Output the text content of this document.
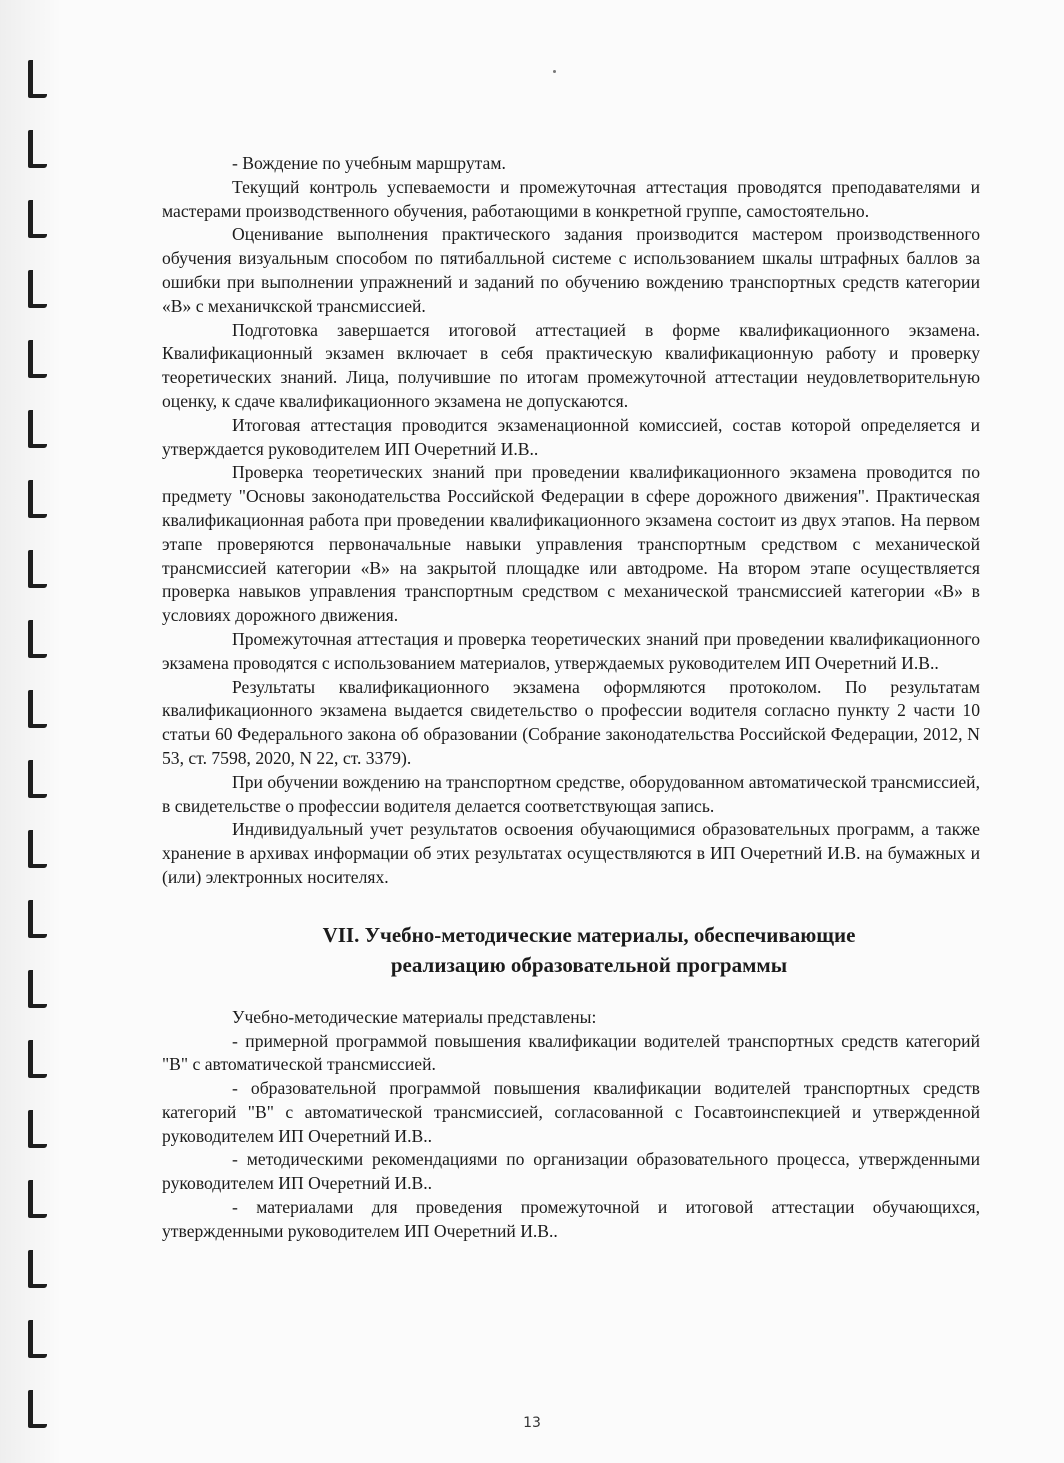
- Вождение по учебным маршрутам.

Текущий контроль успеваемости и промежуточная аттестация проводятся преподавателями и мастерами производственного обучения, работающими в конкретной группе, самостоятельно.

Оценивание выполнения практического задания производится мастером производственного обучения визуальным способом по пятибалльной системе с использованием шкалы штрафных баллов за ошибки при выполнении упражнений и заданий по обучению вождению транспортных средств категории «В» с механичкской трансмиссией.

Подготовка завершается итоговой аттестацией в форме квалификационного экзамена. Квалификационный экзамен включает в себя практическую квалификационную работу и проверку теоретических знаний. Лица, получившие по итогам промежуточной аттестации неудовлетворительную оценку, к сдаче квалификационного экзамена не допускаются.

Итоговая аттестация проводится экзаменационной комиссией, состав которой определяется и утверждается руководителем ИП Очеретний И.В..

Проверка теоретических знаний при проведении квалификационного экзамена проводится по предмету "Основы законодательства Российской Федерации в сфере дорожного движения". Практическая квалификационная работа при проведении квалификационного экзамена состоит из двух этапов. На первом этапе проверяются первоначальные навыки управления транспортным средством с механической трансмиссией категории «В» на закрытой площадке или автодроме. На втором этапе осуществляется проверка навыков управления транспортным средством с механической трансмиссией категории «В» в условиях дорожного движения.

Промежуточная аттестация и проверка теоретических знаний при проведении квалификационного экзамена проводятся с использованием материалов, утверждаемых руководителем ИП Очеретний И.В..

Результаты квалификационного экзамена оформляются протоколом. По результатам квалификационного экзамена выдается свидетельство о профессии водителя согласно пункту 2 части 10 статьи 60 Федерального закона об образовании (Собрание законодательства Российской Федерации, 2012, N 53, ст. 7598, 2020, N 22, ст. 3379).

При обучении вождению на транспортном средстве, оборудованном автоматической трансмиссией, в свидетельстве о профессии водителя делается соответствующая запись.

Индивидуальный учет результатов освоения обучающимися образовательных программ, а также хранение в архивах информации об этих результатах осуществляются в ИП Очеретний И.В. на бумажных и (или) электронных носителях.

VII. Учебно-методические материалы, обеспечивающие
реализацию образовательной программы

Учебно-методические материалы представлены:

- примерной программой повышения квалификации водителей транспортных средств категорий "В" с автоматической трансмиссией.

- образовательной программой повышения квалификации водителей транспортных средств категорий "В" с автоматической трансмиссией, согласованной с Госавтоинспекцией и утвержденной руководителем ИП Очеретний И.В..

- методическими рекомендациями по организации образовательного процесса, утвержденными руководителем ИП Очеретний И.В..

- материалами для проведения промежуточной и итоговой аттестации обучающихся, утвержденными руководителем ИП Очеретний И.В..

13
